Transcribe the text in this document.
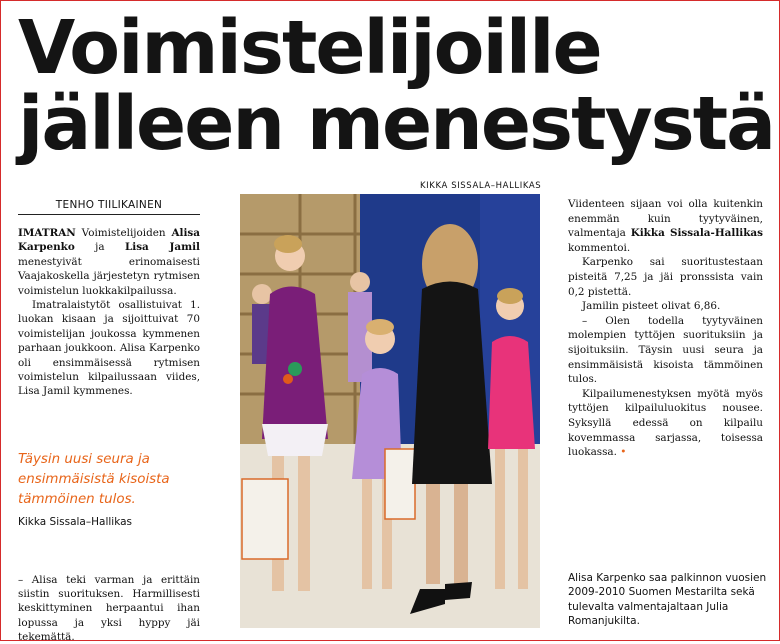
Voimistelijoille
jälleen menestystä
TENHO TIILIKAINEN

IMATRAN Voimistelijoiden Alisa Karpenko ja Lisa Jamil menestyivät erinomaisesti Vaajakoskella järjestetyn rytmisen voimistelun luokkakilpailussa.

Imatralaistytöt osallistuivat 1. luokan kisaan ja sijoittuivat 70 voimistelijan joukossa kymmenen parhaan joukkoon. Alisa Karpenko oli ensimmäisessä rytmisen voimistelun kilpailussaan viides, Lisa Jamil kymmenes.

Täysin uusi seura ja ensimmäisistä kisoista tämmöinen tulos.
Kikka Sissala–Hallikas
– Alisa teki varman ja erittäin siistin suorituksen. Harmillisesti keskittyminen herpaantui ihan lopussa ja yksi hyppy jäi tekemättä.
KIKKA SISSALA–HALLIKAS

Viidenteen sijaan voi olla kuitenkin enemmän kuin tyytyväinen, valmentaja Kikka Sissala-Hallikas kommentoi.

Karpenko sai suoritustestaan pisteitä 7,25 ja jäi pronssista vain 0,2 pistettä.

Jamilin pisteet olivat 6,86.

– Olen todella tyytyväinen molempien tyttöjen suorituksiin ja sijoituksiin. Täysin uusi seura ja ensimmäisistä kisoista tämmöinen tulos.

Kilpailumenestyksen myötä myös tyttöjen kilpailuluokitus nousee. Syksyllä edessä on kilpailu kovemmassa sarjassa, toisessa luokassa. •

Alisa Karpenko saa palkinnon vuosien 2009-2010 Suomen Mestarilta sekä tulevalta valmentajaltaan Julia Romanjukilta.
